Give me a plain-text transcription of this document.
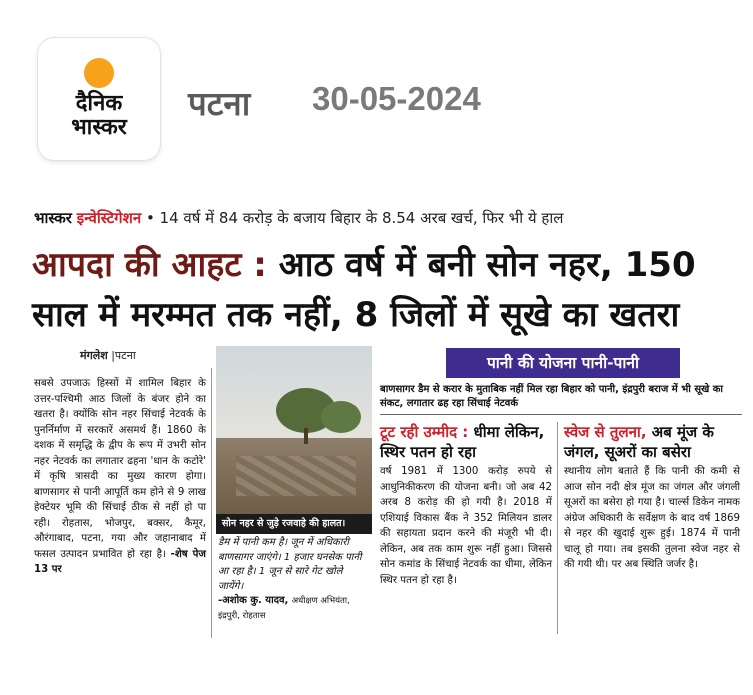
दैनिक
भास्कर
पटना 30-05-2024
भास्कर इन्वेस्टिगेशन • 14 वर्ष में 84 करोड़ के बजाय बिहार के 8.54 अरब खर्च, फिर भी ये हाल
आपदा की आहट : आठ वर्ष में बनी सोन नहर, 150
साल में मरम्मत तक नहीं, 8 जिलों में सूखे का खतरा
मंगलेश |पटना
सबसे उपजाऊ हिस्सों में शामिल बिहार के उत्तर-पश्चिमी आठ जिलों के बंजर होने का खतरा है। क्योंकि सोन नहर सिंचाई नेटवर्क के पुनर्निर्माण में सरकारें असमर्थ हैं। 1860 के दशक में समृद्धि के द्वीप के रूप में उभरी सोन नहर नेटवर्क का लगातार ढहना 'धान के कटोरे' में कृषि त्रासदी का मुख्य कारण होगा। बाणसागर से पानी आपूर्ति कम होने से 9 लाख हेक्टेयर भूमि की सिंचाई ठीक से नहीं हो पा रही। रोहतास, भोजपुर, बक्सर, कैमूर, औरंगाबाद, पटना, गया और जहानाबाद में फसल उत्पादन प्रभावित हो रहा है। -शेष पेज 13 पर
सोन नहर से जुड़े रजवाहे की हालत।
डैम में पानी कम है। जून में अधिकारी बाणसागर जाएंगे। 1 हजार घनसेक पानी आ रहा है। 1 जून से सारे गेट खोले जायेंगे।
-अशोक कु. यादव, अधीक्षण अभियंता, इंद्रपुरी, रोहतास
पानी की योजना पानी-पानी
बाणसागर डैम से करार के मुताबिक नहीं मिल रहा बिहार को पानी, इंद्रपुरी बराज में भी सूखे का संकट, लगातार ढह रहा सिंचाई नेटवर्क
टूट रही उम्मीद : धीमा लेकिन, स्थिर पतन हो रहा
वर्ष 1981 में 1300 करोड़ रुपये से आधुनिकीकरण की योजना बनी। जो अब 42 अरब 8 करोड़ की हो गयी है। 2018 में एशियाई विकास बैंक ने 352 मिलियन डालर की सहायता प्रदान करने की मंजूरी भी दी। लेकिन, अब तक काम शुरू नहीं हुआ। जिससे सोन कमांड के सिंचाई नेटवर्क का धीमा, लेकिन स्थिर पतन हो रहा है।
स्वेज से तुलना, अब मूंज के जंगल, सूअरों का बसेरा
स्थानीय लोग बताते हैं कि पानी की कमी से आज सोन नदी क्षेत्र मूंज का जंगल और जंगली सूअरों का बसेरा हो गया है। चार्ल्स डिकेन नामक अंग्रेज अधिकारी के सर्वेक्षण के बाद वर्ष 1869 से नहर की खुदाई शुरू हुई। 1874 में पानी चालू हो गया। तब इसकी तुलना स्वेज नहर से की गयी थी। पर अब स्थिति जर्जर है।
